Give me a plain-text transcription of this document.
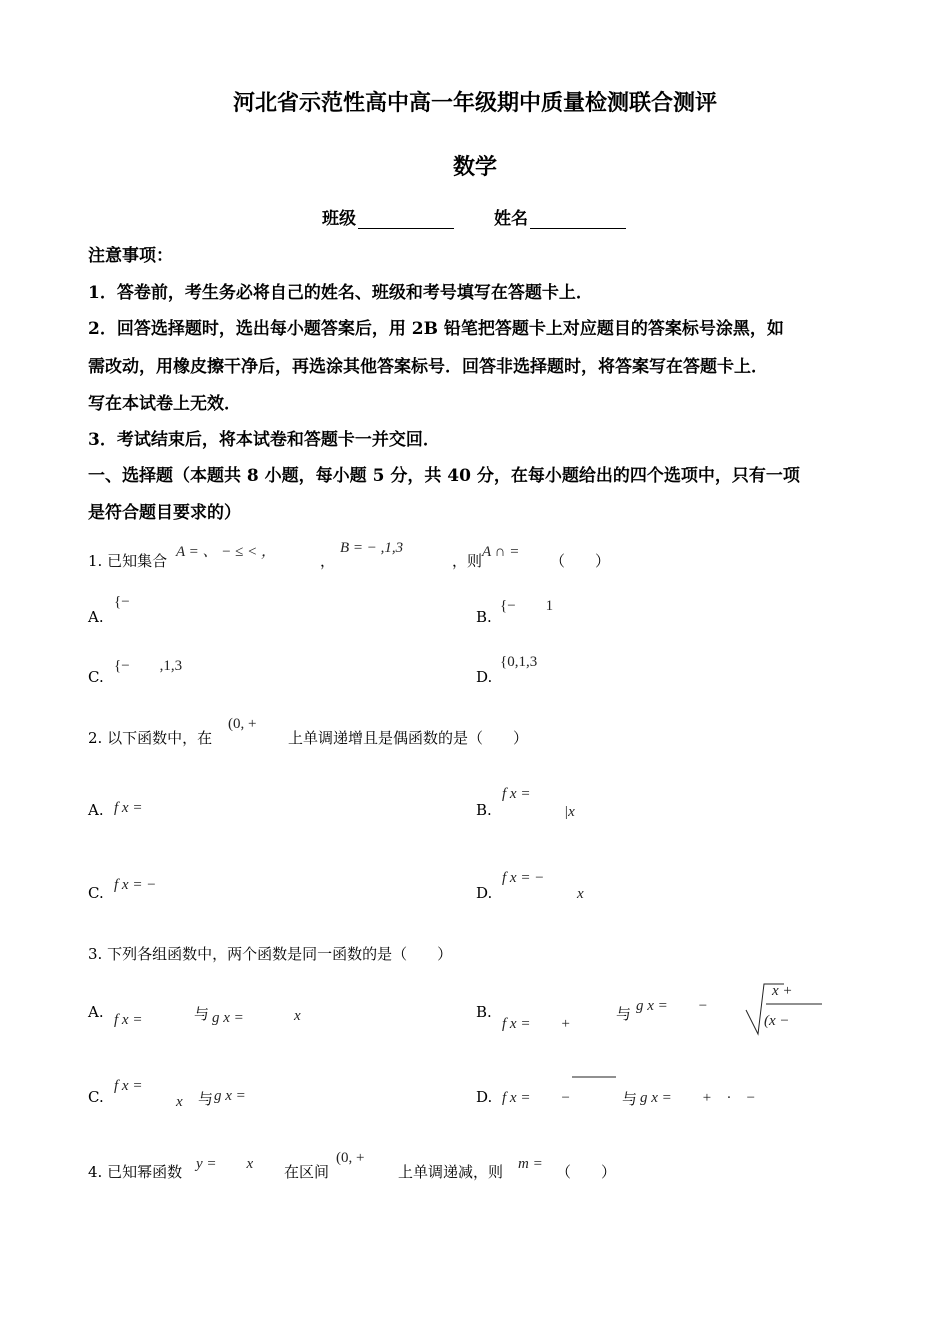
河北省示范性高中高一年级期中质量检测联合测评
数学
班级	姓名
注意事项：
1．答卷前，考生务必将自己的姓名、班级和考号填写在答题卡上．
2．回答选择题时，选出每小题答案后，用 2B 铅笔把答题卡上对应题目的答案标号涂黑，如
需改动，用橡皮擦干净后，再选涂其他答案标号．回答非选择题时，将答案写在答题卡上．
写在本试卷上无效．
3．考试结束后，将本试卷和答题卡一并交回．
一、选择题（本题共 8 小题，每小题 5 分，共 40 分，在每小题给出的四个选项中，只有一项
是符合题目要求的）
1. 已知集合 A = 、 − ≤ < ，	，
B = − ,1,3
，则 A ∩ = （　　）
A.
{−
B.
{−　　1
C.
{−　　,1,3
D.
{0,1,3
2. 以下函数中，在
(0, +
上单调递增且是偶函数的是（　　）
A. f x =	B.
f x =
|x
C. f x = −	D.
f x = −
x
3. 下列各组函数中，两个函数是同一函数的是（　　）
A. f x =	与 g x =	x	B.
f x =　　+
与 g x =　　−
x +
(x −
C.
f x =
x 与 g x =	D. f x =　　−	与 g x =　　+　·　−
4. 已知幂函数 y =　　x 在区间
(0, +
上单调递减，则 m = （　　）
